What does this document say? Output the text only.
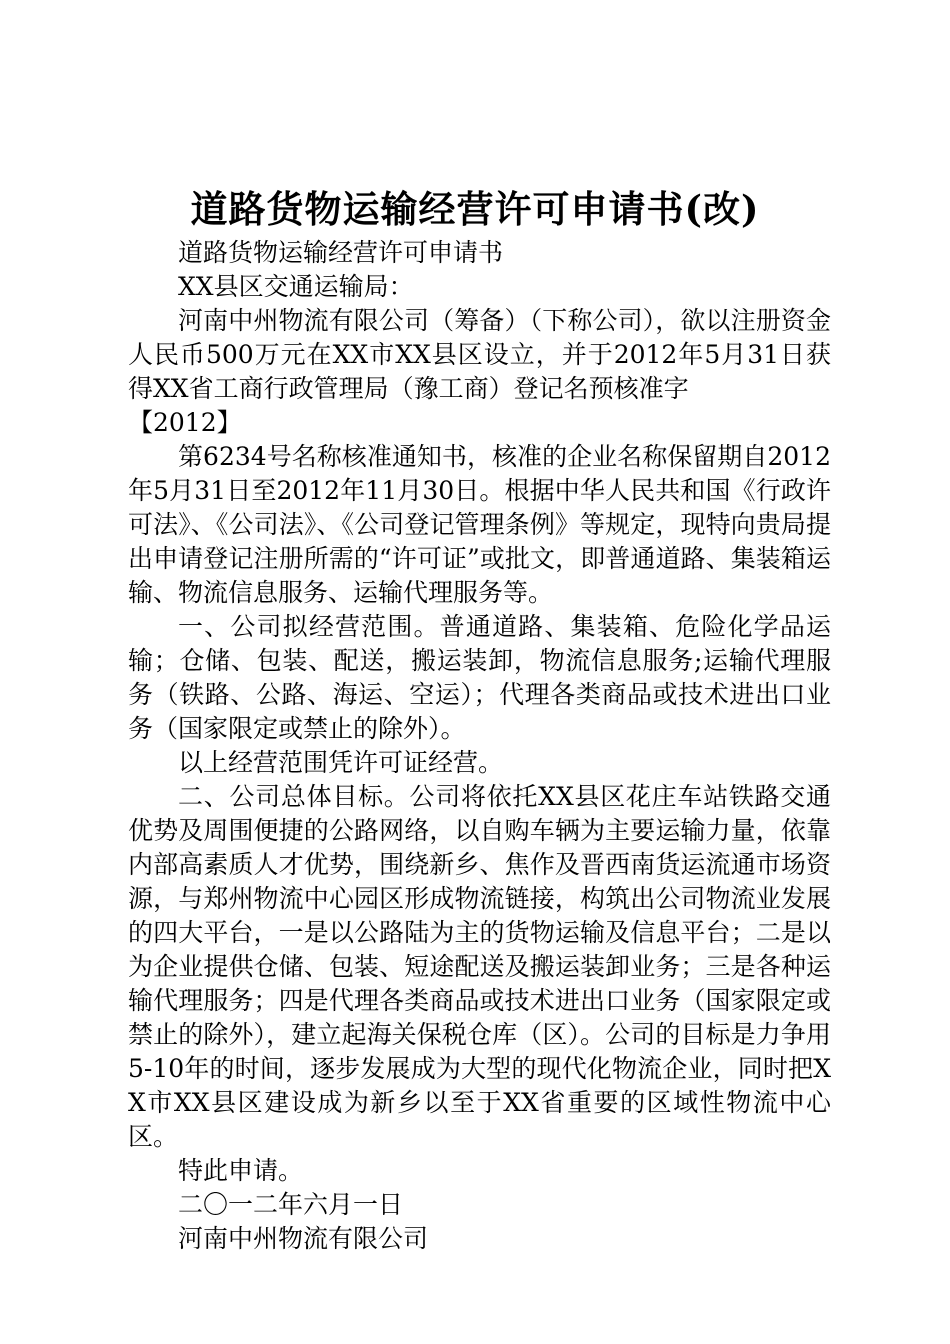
道路货物运输经营许可申请书(改)

道路货物运输经营许可申请书

XX县区交通运输局：

河南中州物流有限公司（筹备）（下称公司），欲以注册资金人民币500万元在XX市XX县区设立，并于2012年5月31日获得XX省工商行政管理局（豫工商）登记名预核准字

【2012】

第6234号名称核准通知书，核准的企业名称保留期自2012年5月31日至2012年11月30日。根据中华人民共和国《行政许可法》、《公司法》、《公司登记管理条例》等规定，现特向贵局提出申请登记注册所需的“许可证”或批文，即普通道路、集装箱运输、物流信息服务、运输代理服务等。

一、公司拟经营范围。普通道路、集装箱、危险化学品运输；仓储、包装、配送，搬运装卸，物流信息服务;运输代理服务（铁路、公路、海运、空运）；代理各类商品或技术进出口业务（国家限定或禁止的除外）。

以上经营范围凭许可证经营。

二、公司总体目标。公司将依托XX县区花庄车站铁路交通优势及周围便捷的公路网络，以自购车辆为主要运输力量，依靠内部高素质人才优势，围绕新乡、焦作及晋西南货运流通市场资源，与郑州物流中心园区形成物流链接，构筑出公司物流业发展的四大平台，一是以公路陆为主的货物运输及信息平台；二是以为企业提供仓储、包装、短途配送及搬运装卸业务；三是各种运输代理服务；四是代理各类商品或技术进出口业务（国家限定或禁止的除外），建立起海关保税仓库（区）。公司的目标是力争用5-10年的时间，逐步发展成为大型的现代化物流企业，同时把XX市XX县区建设成为新乡以至于XX省重要的区域性物流中心区。

特此申请。

二〇一二年六月一日

河南中州物流有限公司
